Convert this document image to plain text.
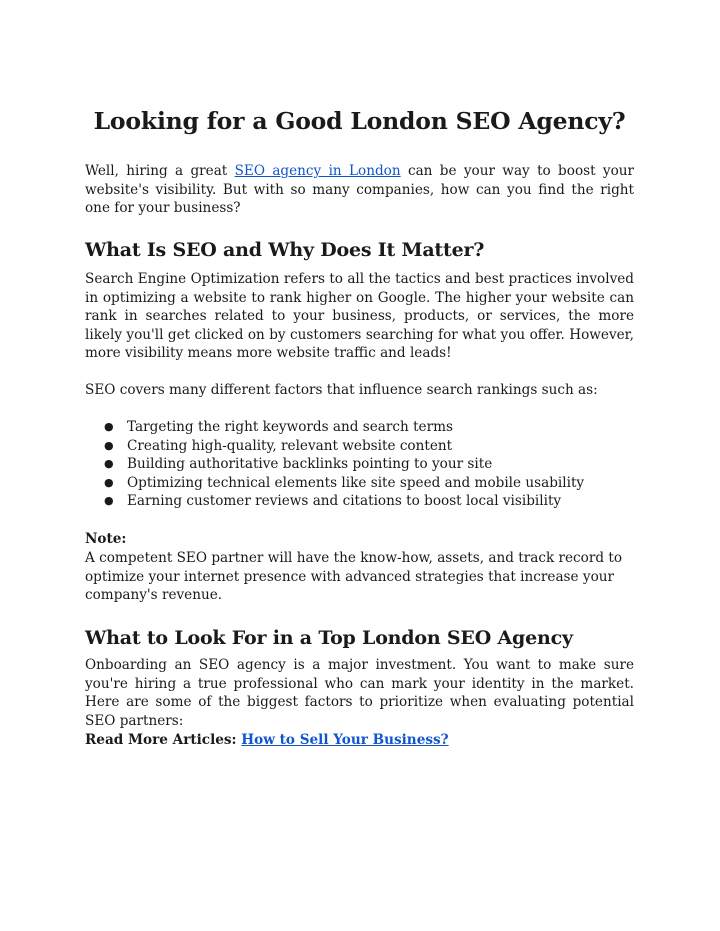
Looking for a Good London SEO Agency?

Well, hiring a great SEO agency in London can be your way to boost your website's visibility. But with so many companies, how can you find the right one for your business?

What Is SEO and Why Does It Matter?

Search Engine Optimization refers to all the tactics and best practices involved in optimizing a website to rank higher on Google. The higher your website can rank in searches related to your business, products, or services, the more likely you'll get clicked on by customers searching for what you offer. However, more visibility means more website traffic and leads!

SEO covers many different factors that influence search rankings such as:

● Targeting the right keywords and search terms
● Creating high-quality, relevant website content
● Building authoritative backlinks pointing to your site
● Optimizing technical elements like site speed and mobile usability
● Earning customer reviews and citations to boost local visibility

Note:

A competent SEO partner will have the know-how, assets, and track record to optimize your internet presence with advanced strategies that increase your company's revenue.

What to Look For in a Top London SEO Agency

Onboarding an SEO agency is a major investment. You want to make sure you're hiring a true professional who can mark your identity in the market. Here are some of the biggest factors to prioritize when evaluating potential SEO partners:

Read More Articles: How to Sell Your Business?
